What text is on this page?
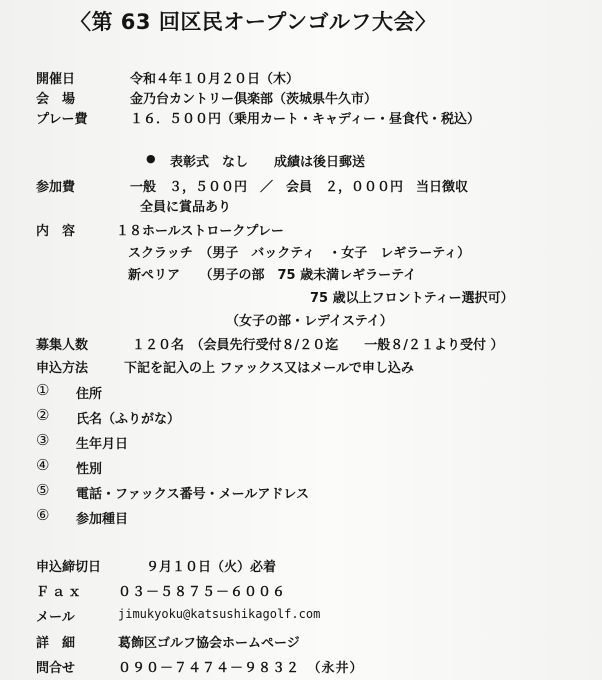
〈第 63 回区民オープンゴルフ大会〉
開催日	令和４年１０月２０日（木）
会　場	金乃台カントリー倶楽部（茨城県牛久市）
プレー費	１６．５００円（乗用カート・キャディー・昼食代・税込）
● 表彰式　なし　　成績は後日郵送
参加費	一般　３，５００円　／　会員　２，０００円　当日徴収
全員に賞品あり
内　容	１８ホールストロークプレー
スクラッチ　（男子　バックティ　・女子　レギラーティ）
新ペリア　　（男子の部　75 歳未満レギラーテイ
75 歳以上フロントティー選択可）
（女子の部・レデイステイ）
募集人数	１２０名　（会員先行受付８/２０迄　　一般８/２１より受付 ）
申込方法	下記を記入の上 ファックス又はメールで申し込み
① 住所
② 氏名（ふりがな）
③ 生年月日
④ 性別
⑤ 電話・ファックス番号・メールアドレス
⑥ 参加種目
申込締切日	９月１０日（火）必着
Ｆａｘ	０３－５８７５－６００６
メール	jimukyoku@katsushikagolf.com
詳　細	葛飾区ゴルフ協会ホームページ
問合せ	０９０－７４７４－９８３２　（永井）
